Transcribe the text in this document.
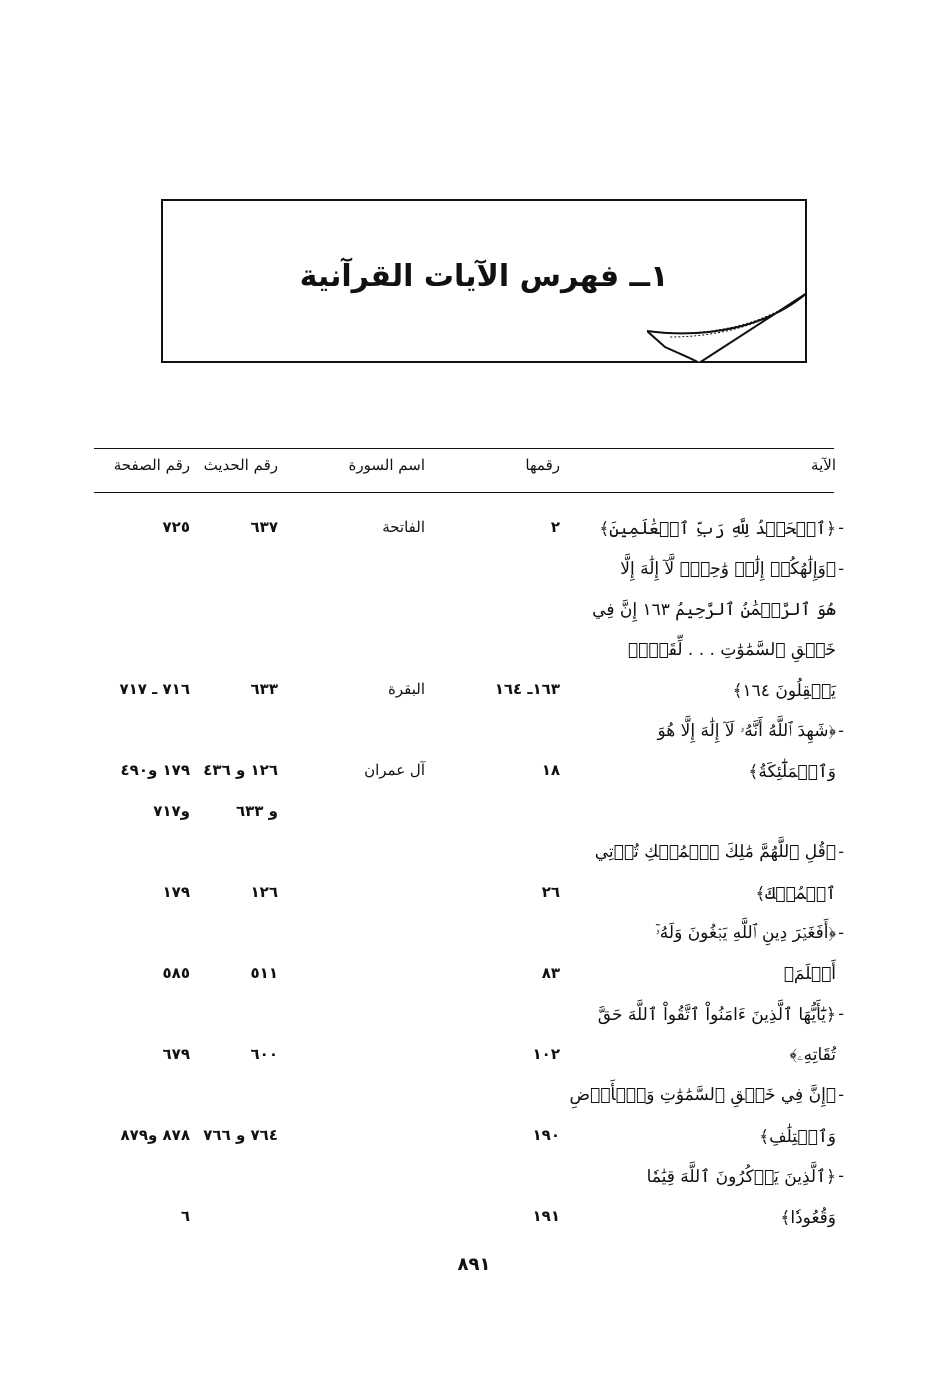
١ــ فهرس الآيات القرآنية
الآية
رقمها
اسم السورة
رقم الحديث
رقم الصفحة
-
﴿ٱلۡحَمۡدُ لِلَّهِ رَبِّ ٱلۡعَٰلَمِينَ﴾
٢
الفاتحة
٦٣٧
٧٢٥
-
﴿وَإِلَٰهُكُمۡ إِلَٰهٞ وَٰحِدٞۖ لَّآ إِلَٰهَ إِلَّا
هُوَ ٱلرَّحۡمَٰنُ ٱلرَّحِيمُ ١٦٣ إِنَّ فِي
خَلۡقِ ٱلسَّمَٰوَٰتِ . . . لِّقَوۡمٖ
يَعۡقِلُونَ ١٦٤﴾
١٦٣ـ ١٦٤
البقرة
٦٣٣
٧١٦ ـ ٧١٧
-
﴿شَهِدَ ٱللَّهُ أَنَّهُۥ لَآ إِلَٰهَ إِلَّا هُوَ
وَٱلۡمَلَٰٓئِكَةُ﴾
١٨
آل عمران
١٢٦ و ٤٣٦
١٧٩ و٤٩٠
و ٦٣٣
و٧١٧
-
﴿قُلِ ٱللَّهُمَّ مَٰلِكَ ٱلۡمُلۡكِ تُؤۡتِي
ٱلۡمُلۡكَ﴾
٢٦
١٢٦
١٧٩
-
﴿أَفَغَيۡرَ دِينِ ٱللَّهِ يَبۡغُونَ وَلَهُۥٓ
أَسۡلَمَ﴾
٨٣
٥١١
٥٨٥
-
﴿يَٰٓأَيُّهَا ٱلَّذِينَ ءَامَنُواْ ٱتَّقُواْ ٱللَّهَ حَقَّ
تُقَاتِهِۦ﴾
١٠٢
٦٠٠
٦٧٩
-
﴿إِنَّ فِي خَلۡقِ ٱلسَّمَٰوَٰتِ وَٱلۡأَرۡضِ
وَٱخۡتِلَٰفِ﴾
١٩٠
٧٦٤ و ٧٦٦
٨٧٨ و٨٧٩
-
﴿ٱلَّذِينَ يَذۡكُرُونَ ٱللَّهَ قِيَٰمٗا
وَقُعُودٗا﴾
١٩١
٦
٨٩١
